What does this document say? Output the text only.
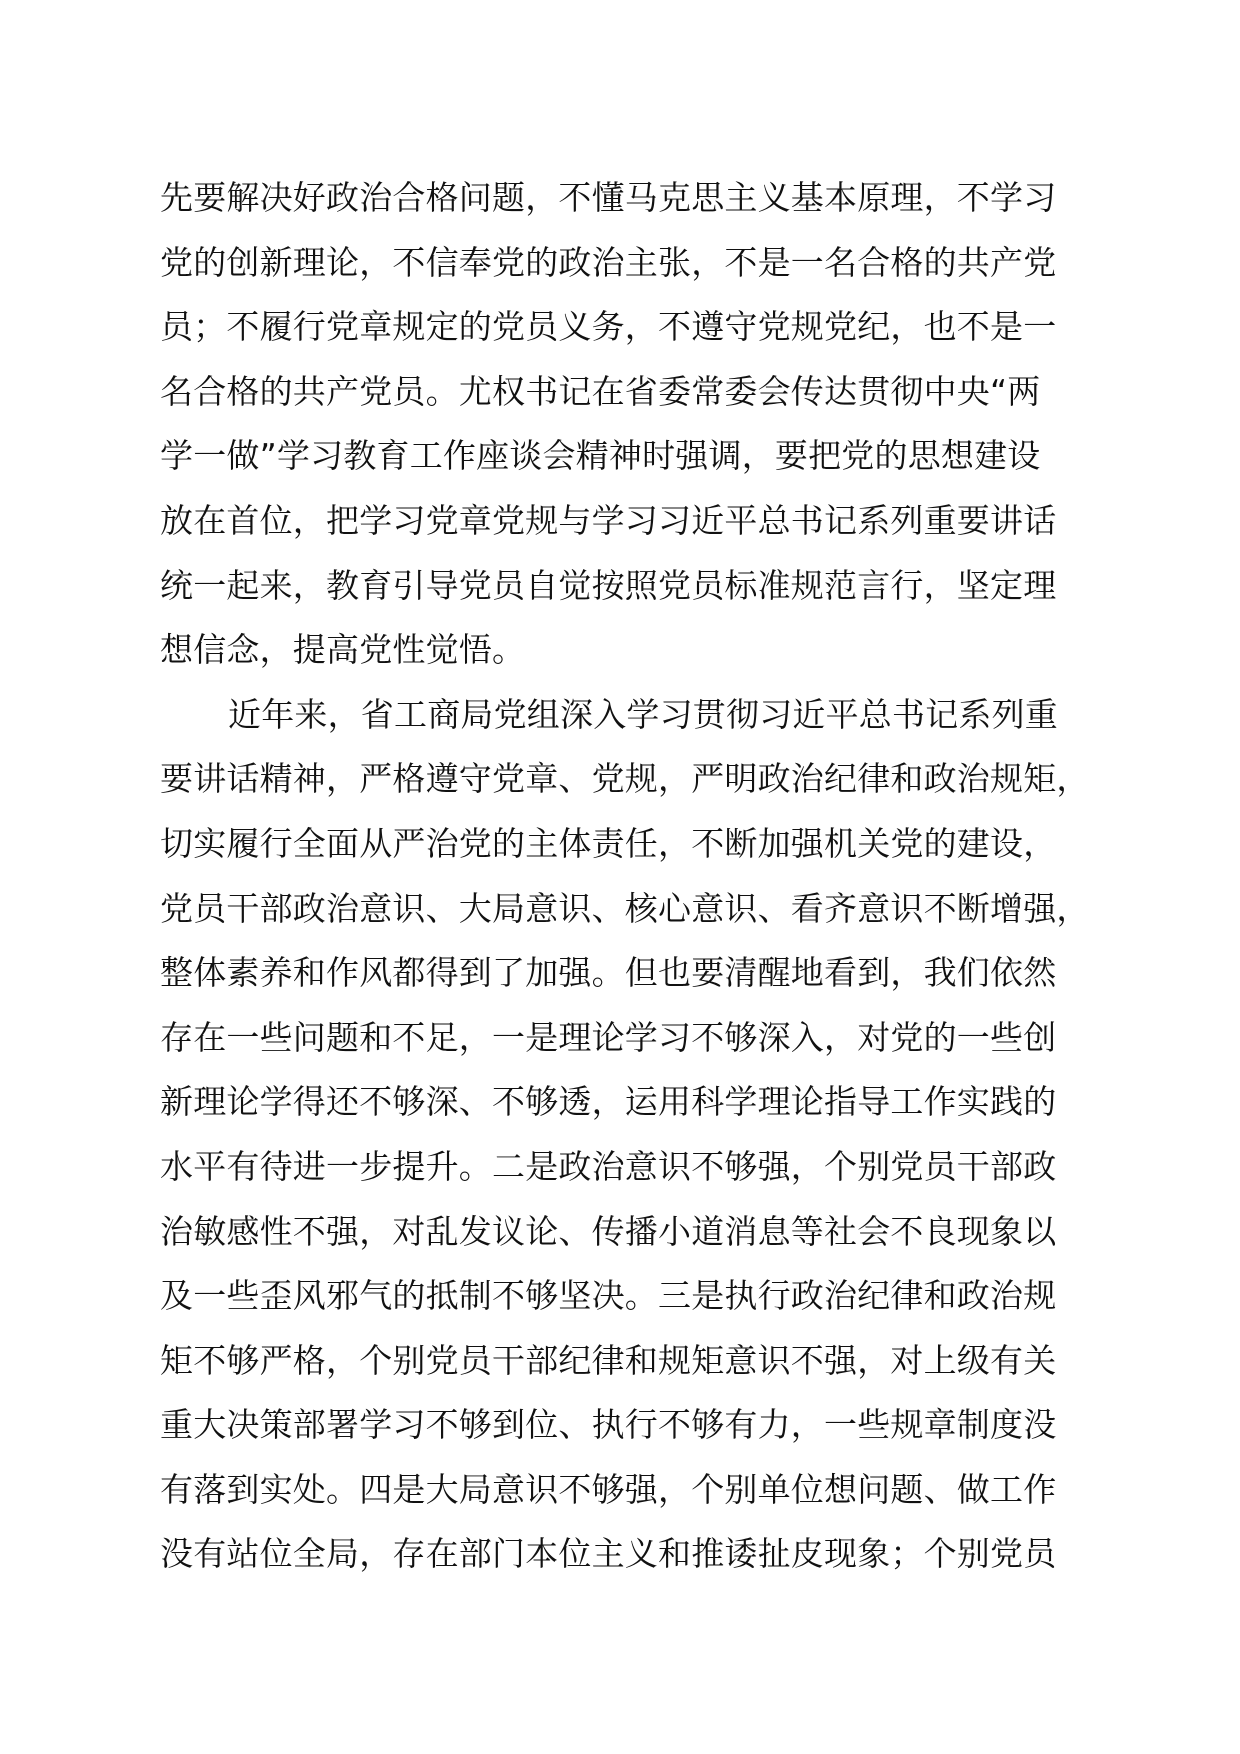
先要解决好政治合格问题，不懂马克思主义基本原理，不学习
党的创新理论，不信奉党的政治主张，不是一名合格的共产党
员；不履行党章规定的党员义务，不遵守党规党纪，也不是一
名合格的共产党员。尤权书记在省委常委会传达贯彻中央“两
学一做”学习教育工作座谈会精神时强调，要把党的思想建设
放在首位，把学习党章党规与学习习近平总书记系列重要讲话
统一起来，教育引导党员自觉按照党员标准规范言行，坚定理
想信念，提高党性觉悟。
近年来，省工商局党组深入学习贯彻习近平总书记系列重
要讲话精神，严格遵守党章、党规，严明政治纪律和政治规矩，
切实履行全面从严治党的主体责任，不断加强机关党的建设，
党员干部政治意识、大局意识、核心意识、看齐意识不断增强，
整体素养和作风都得到了加强。但也要清醒地看到，我们依然
存在一些问题和不足，一是理论学习不够深入，对党的一些创
新理论学得还不够深、不够透，运用科学理论指导工作实践的
水平有待进一步提升。二是政治意识不够强，个别党员干部政
治敏感性不强，对乱发议论、传播小道消息等社会不良现象以
及一些歪风邪气的抵制不够坚决。三是执行政治纪律和政治规
矩不够严格，个别党员干部纪律和规矩意识不强，对上级有关
重大决策部署学习不够到位、执行不够有力，一些规章制度没
有落到实处。四是大局意识不够强，个别单位想问题、做工作
没有站位全局，存在部门本位主义和推诿扯皮现象；个别党员
